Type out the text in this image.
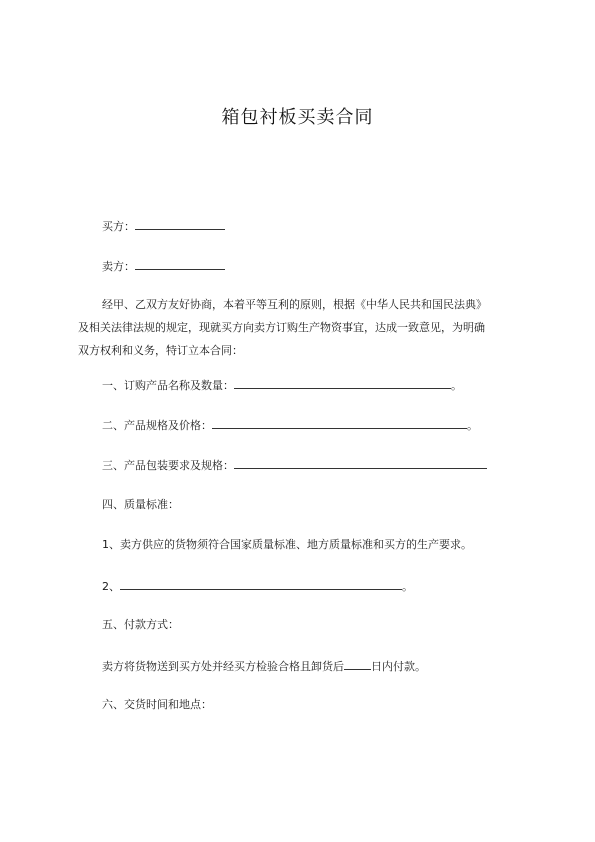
箱包衬板买卖合同
买方：
卖方：
经甲、乙双方友好协商，本着平等互利的原则，根据《中华人民共和国民法典》
及相关法律法规的规定，现就买方向卖方订购生产物资事宜，达成一致意见，为明确
双方权利和义务，特订立本合同：
一、订购产品名称及数量：	。
二、产品规格及价格：	。
三、产品包装要求及规格：
四、质量标准：
1、卖方供应的货物须符合国家质量标准、地方质量标准和买方的生产要求。
2、	。
五、付款方式：
卖方将货物送到买方处并经买方检验合格且卸货后 日内付款。
六、交货时间和地点：
